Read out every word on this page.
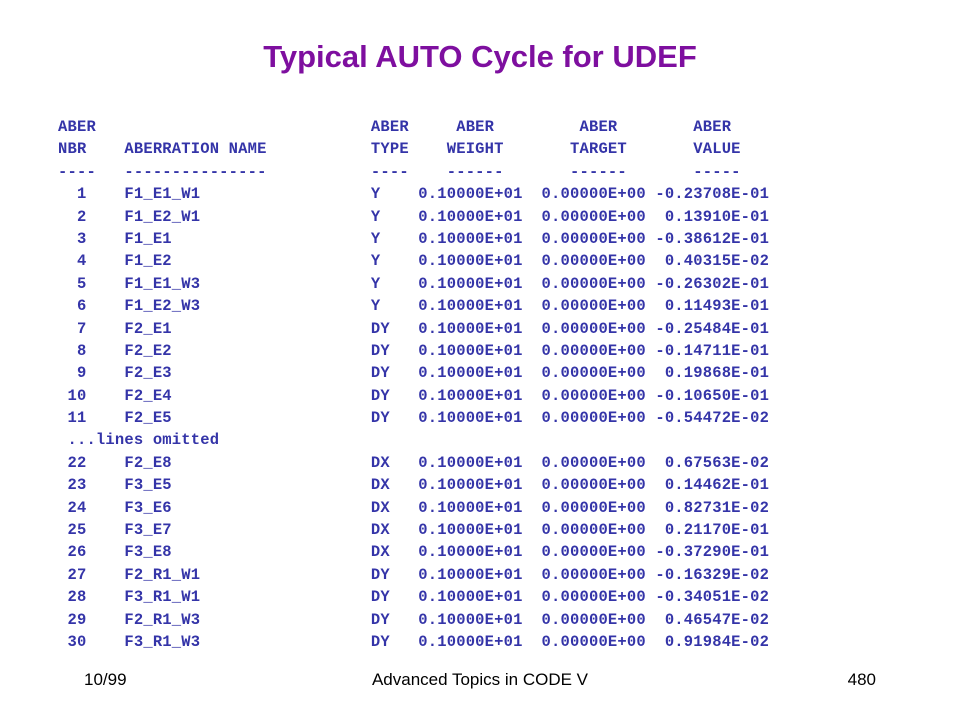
Typical AUTO Cycle for UDEF
ABER                             ABER     ABER         ABER        ABER
NBR    ABERRATION NAME           TYPE    WEIGHT       TARGET       VALUE
----   ---------------           ----    ------       ------       -----
1    F1_E1_W1                  Y    0.10000E+01  0.00000E+00 -0.23708E-01
2    F1_E2_W1                  Y    0.10000E+01  0.00000E+00  0.13910E-01
3    F1_E1                     Y    0.10000E+01  0.00000E+00 -0.38612E-01
4    F1_E2                     Y    0.10000E+01  0.00000E+00  0.40315E-02
5    F1_E1_W3                  Y    0.10000E+01  0.00000E+00 -0.26302E-01
6    F1_E2_W3                  Y    0.10000E+01  0.00000E+00  0.11493E-01
7    F2_E1                     DY   0.10000E+01  0.00000E+00 -0.25484E-01
8    F2_E2                     DY   0.10000E+01  0.00000E+00 -0.14711E-01
9    F2_E3                     DY   0.10000E+01  0.00000E+00  0.19868E-01
10    F2_E4                     DY   0.10000E+01  0.00000E+00 -0.10650E-01
11    F2_E5                     DY   0.10000E+01  0.00000E+00 -0.54472E-02
...lines omitted
22    F2_E8                     DX   0.10000E+01  0.00000E+00  0.67563E-02
23    F3_E5                     DX   0.10000E+01  0.00000E+00  0.14462E-01
24    F3_E6                     DX   0.10000E+01  0.00000E+00  0.82731E-02
25    F3_E7                     DX   0.10000E+01  0.00000E+00  0.21170E-01
26    F3_E8                     DX   0.10000E+01  0.00000E+00 -0.37290E-01
27    F2_R1_W1                  DY   0.10000E+01  0.00000E+00 -0.16329E-02
28    F3_R1_W1                  DY   0.10000E+01  0.00000E+00 -0.34051E-02
29    F2_R1_W3                  DY   0.10000E+01  0.00000E+00  0.46547E-02
30    F3_R1_W3                  DY   0.10000E+01  0.00000E+00  0.91984E-02
10/99	Advanced Topics in CODE V	480
